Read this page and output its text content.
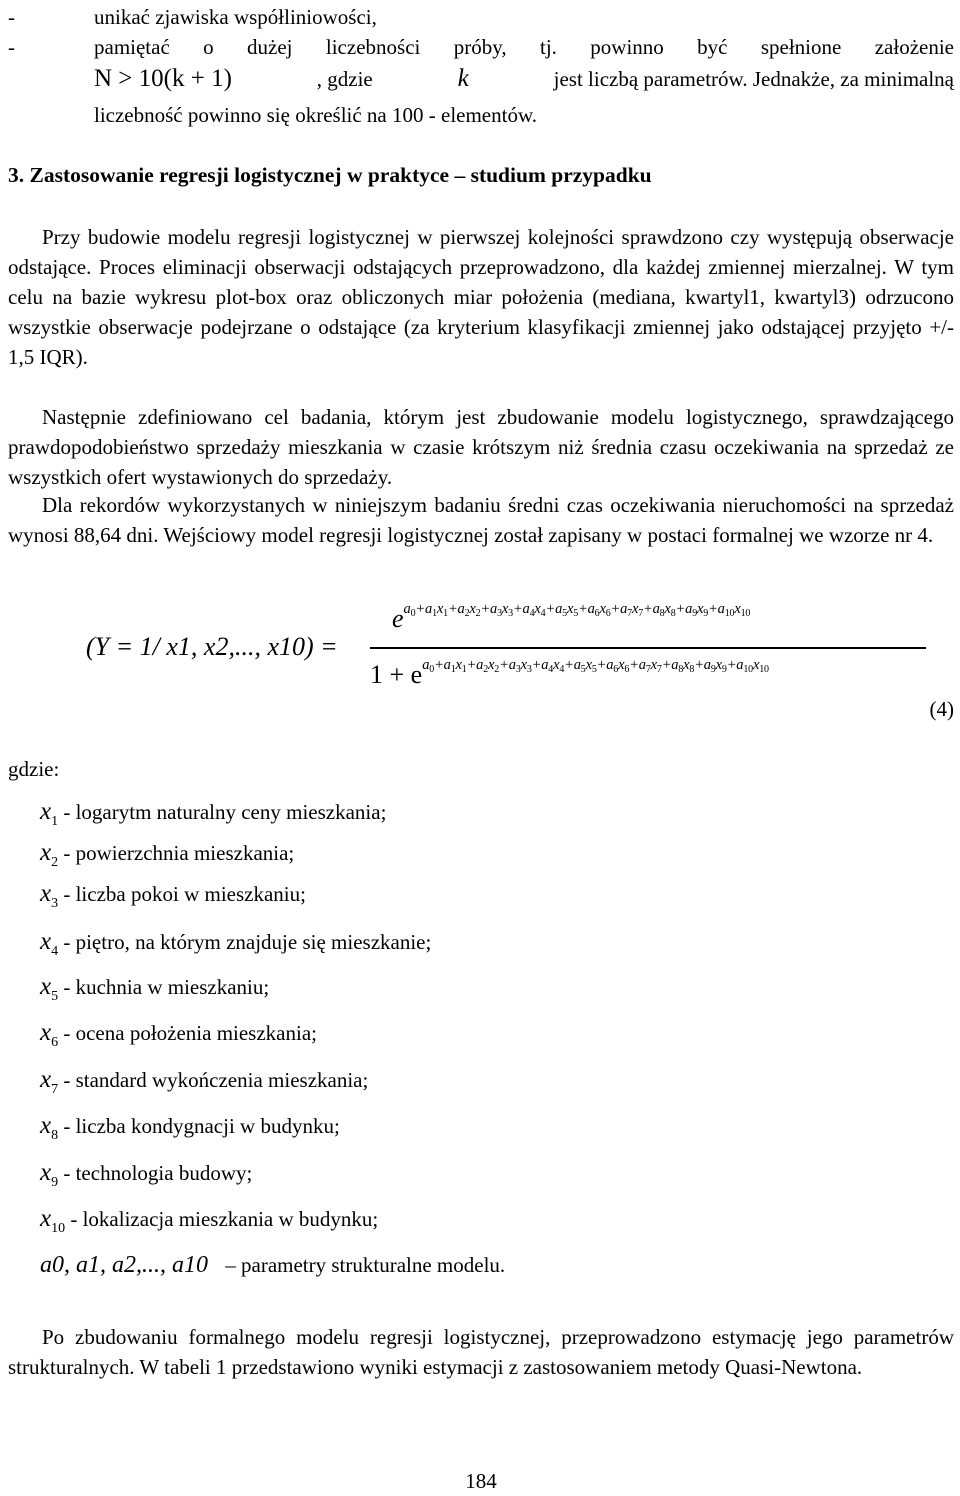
-	unikać zjawiska współliniowości,
-	pamiętać o dużej liczebności próby, tj. powinno być spełnione założenie
N > 10(k + 1)	, gdzie	k	jest liczbą parametrów. Jednakże, za minimalną
liczebność powinno się określić na 100 - elementów.
3. Zastosowanie regresji logistycznej w praktyce – studium przypadku
Przy budowie modelu regresji logistycznej w pierwszej kolejności sprawdzono czy występują obserwacje odstające. Proces eliminacji obserwacji odstających przeprowadzono, dla każdej zmiennej mierzalnej. W tym celu na bazie wykresu plot-box oraz obliczonych miar położenia (mediana, kwartyl1, kwartyl3) odrzucono wszystkie obserwacje podejrzane o odstające (za kryterium klasyfikacji zmiennej jako odstającej przyjęto +/- 1,5 IQR).
Następnie zdefiniowano cel badania, którym jest zbudowanie modelu logistycznego, sprawdzającego prawdopodobieństwo sprzedaży mieszkania w czasie krótszym niż średnia czasu oczekiwania na sprzedaż ze wszystkich ofert wystawionych do sprzedaży.
Dla rekordów wykorzystanych w niniejszym badaniu średni czas oczekiwania nieruchomości na sprzedaż wynosi 88,64 dni. Wejściowy model regresji logistycznej został zapisany w postaci formalnej we wzorze nr 4.
(Y = 1/ x1, x2,..., x10) =
$e^{a_0+a_1x_1+a_2x_2+a_3x_3+a_4x_4+a_5x_5+a_6x_6+a_7x_7+a_8x_8+a_9x_9+a_{10}x_{10}}$
$1 + e^{a_0+a_1x_1+a_2x_2+a_3x_3+a_4x_4+a_5x_5+a_6x_6+a_7x_7+a_8x_8+a_9x_9+a_{10}x_{10}}$
(4)
gdzie:
$x_1$ - logarytm naturalny ceny mieszkania;
$x_2$ - powierzchnia mieszkania;
$x_3$ - liczba pokoi w mieszkaniu;
$x_4$ - piętro, na którym znajduje się mieszkanie;
$x_5$ - kuchnia w mieszkaniu;
$x_6$ - ocena położenia mieszkania;
$x_7$ - standard wykończenia mieszkania;
$x_8$ - liczba kondygnacji w budynku;
$x_9$ - technologia budowy;
$x_{10}$ - lokalizacja mieszkania w budynku;
a0, a1, a2,..., a10 – parametry strukturalne modelu.
Po zbudowaniu formalnego modelu regresji logistycznej, przeprowadzono estymację jego parametrów strukturalnych. W tabeli 1 przedstawiono wyniki estymacji z zastosowaniem metody Quasi-Newtona.
184
